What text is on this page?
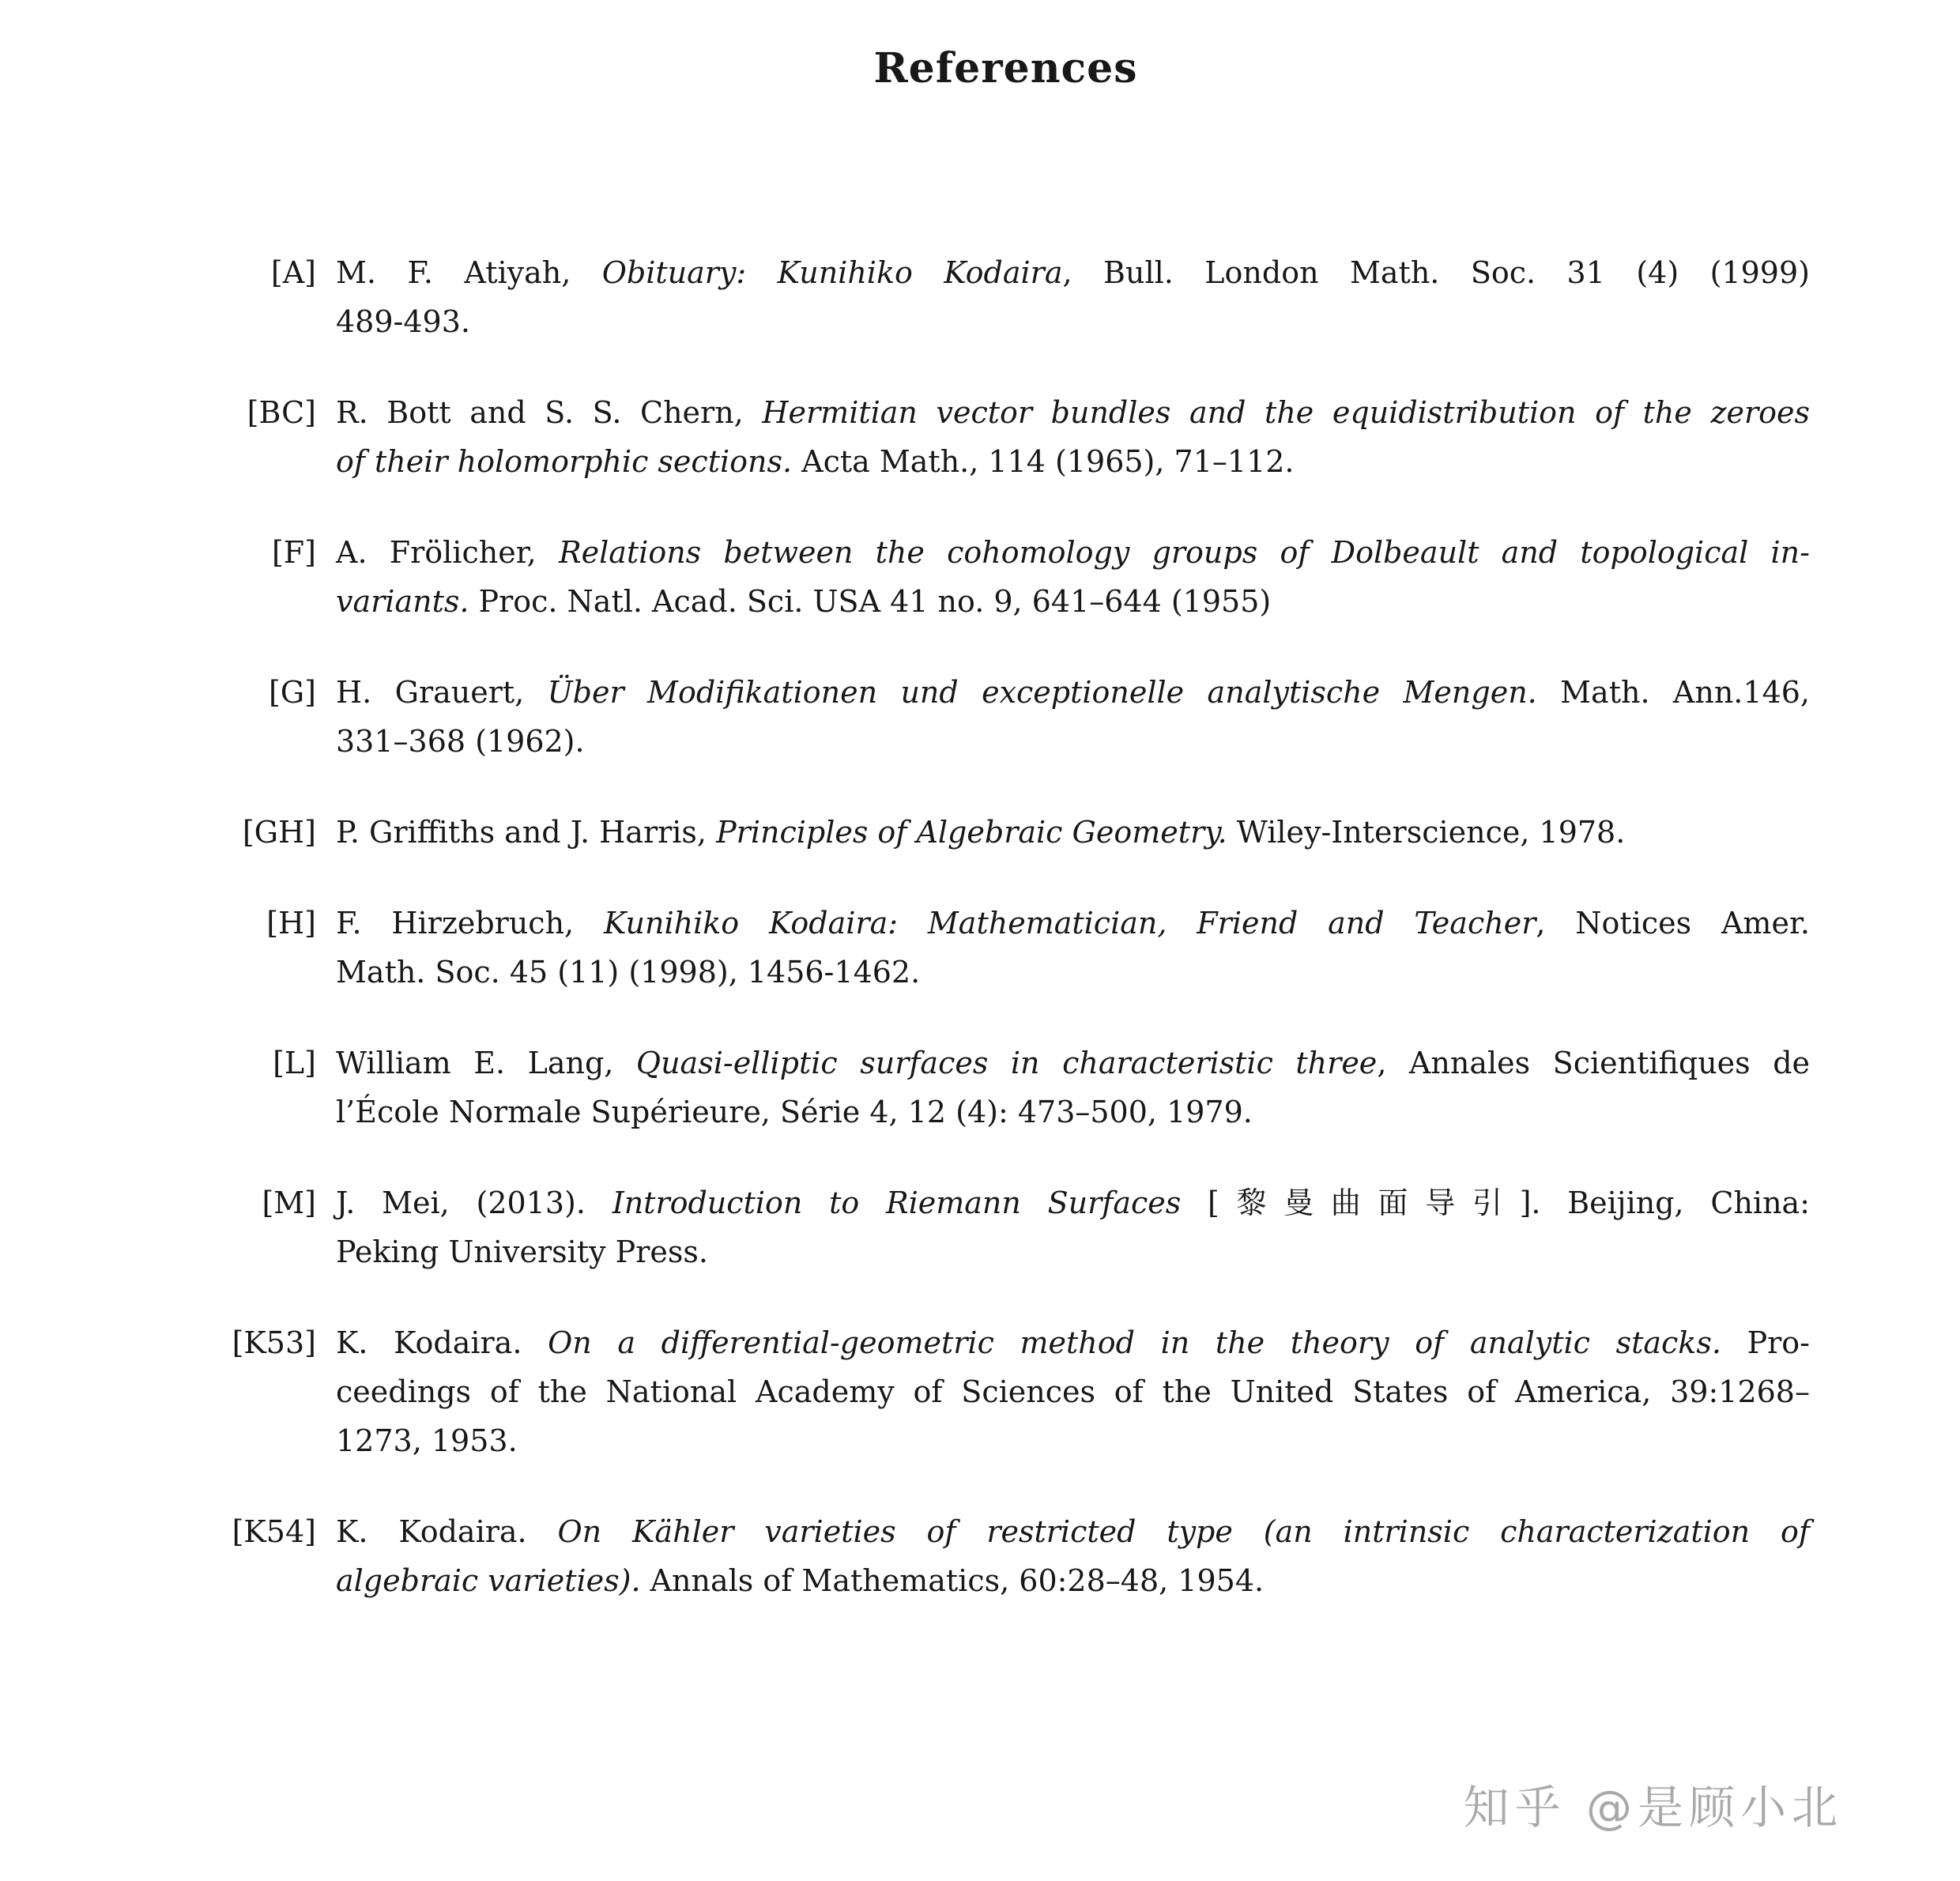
References
[A] M. F. Atiyah, Obituary: Kunihiko Kodaira, Bull. London Math. Soc. 31 (4) (1999)
489-493.
[BC] R. Bott and S. S. Chern, Hermitian vector bundles and the equidistribution of the zeroes
of their holomorphic sections. Acta Math., 114 (1965), 71–112.
[F] A. Frölicher, Relations between the cohomology groups of Dolbeault and topological in-
variants. Proc. Natl. Acad. Sci. USA 41 no. 9, 641–644 (1955)
[G] H. Grauert, Über Modifikationen und exceptionelle analytische Mengen. Math. Ann.146,
331–368 (1962).
[GH] P. Griffiths and J. Harris, Principles of Algebraic Geometry. Wiley-Interscience, 1978.
[H] F. Hirzebruch, Kunihiko Kodaira: Mathematician, Friend and Teacher, Notices Amer.
Math. Soc. 45 (11) (1998), 1456-1462.
[L] William E. Lang, Quasi-elliptic surfaces in characteristic three, Annales Scientifiques de
l’École Normale Supérieure, Série 4, 12 (4): 473–500, 1979.
[M] J. Mei, (2013). Introduction to Riemann Surfaces [黎曼曲面导引]. Beijing, China:
Peking University Press.
[K53] K. Kodaira. On a differential-geometric method in the theory of analytic stacks. Pro-
ceedings of the National Academy of Sciences of the United States of America, 39:1268–
1273, 1953.
[K54] K. Kodaira. On Kähler varieties of restricted type (an intrinsic characterization of
algebraic varieties). Annals of Mathematics, 60:28–48, 1954.
知乎 @是顾小北
